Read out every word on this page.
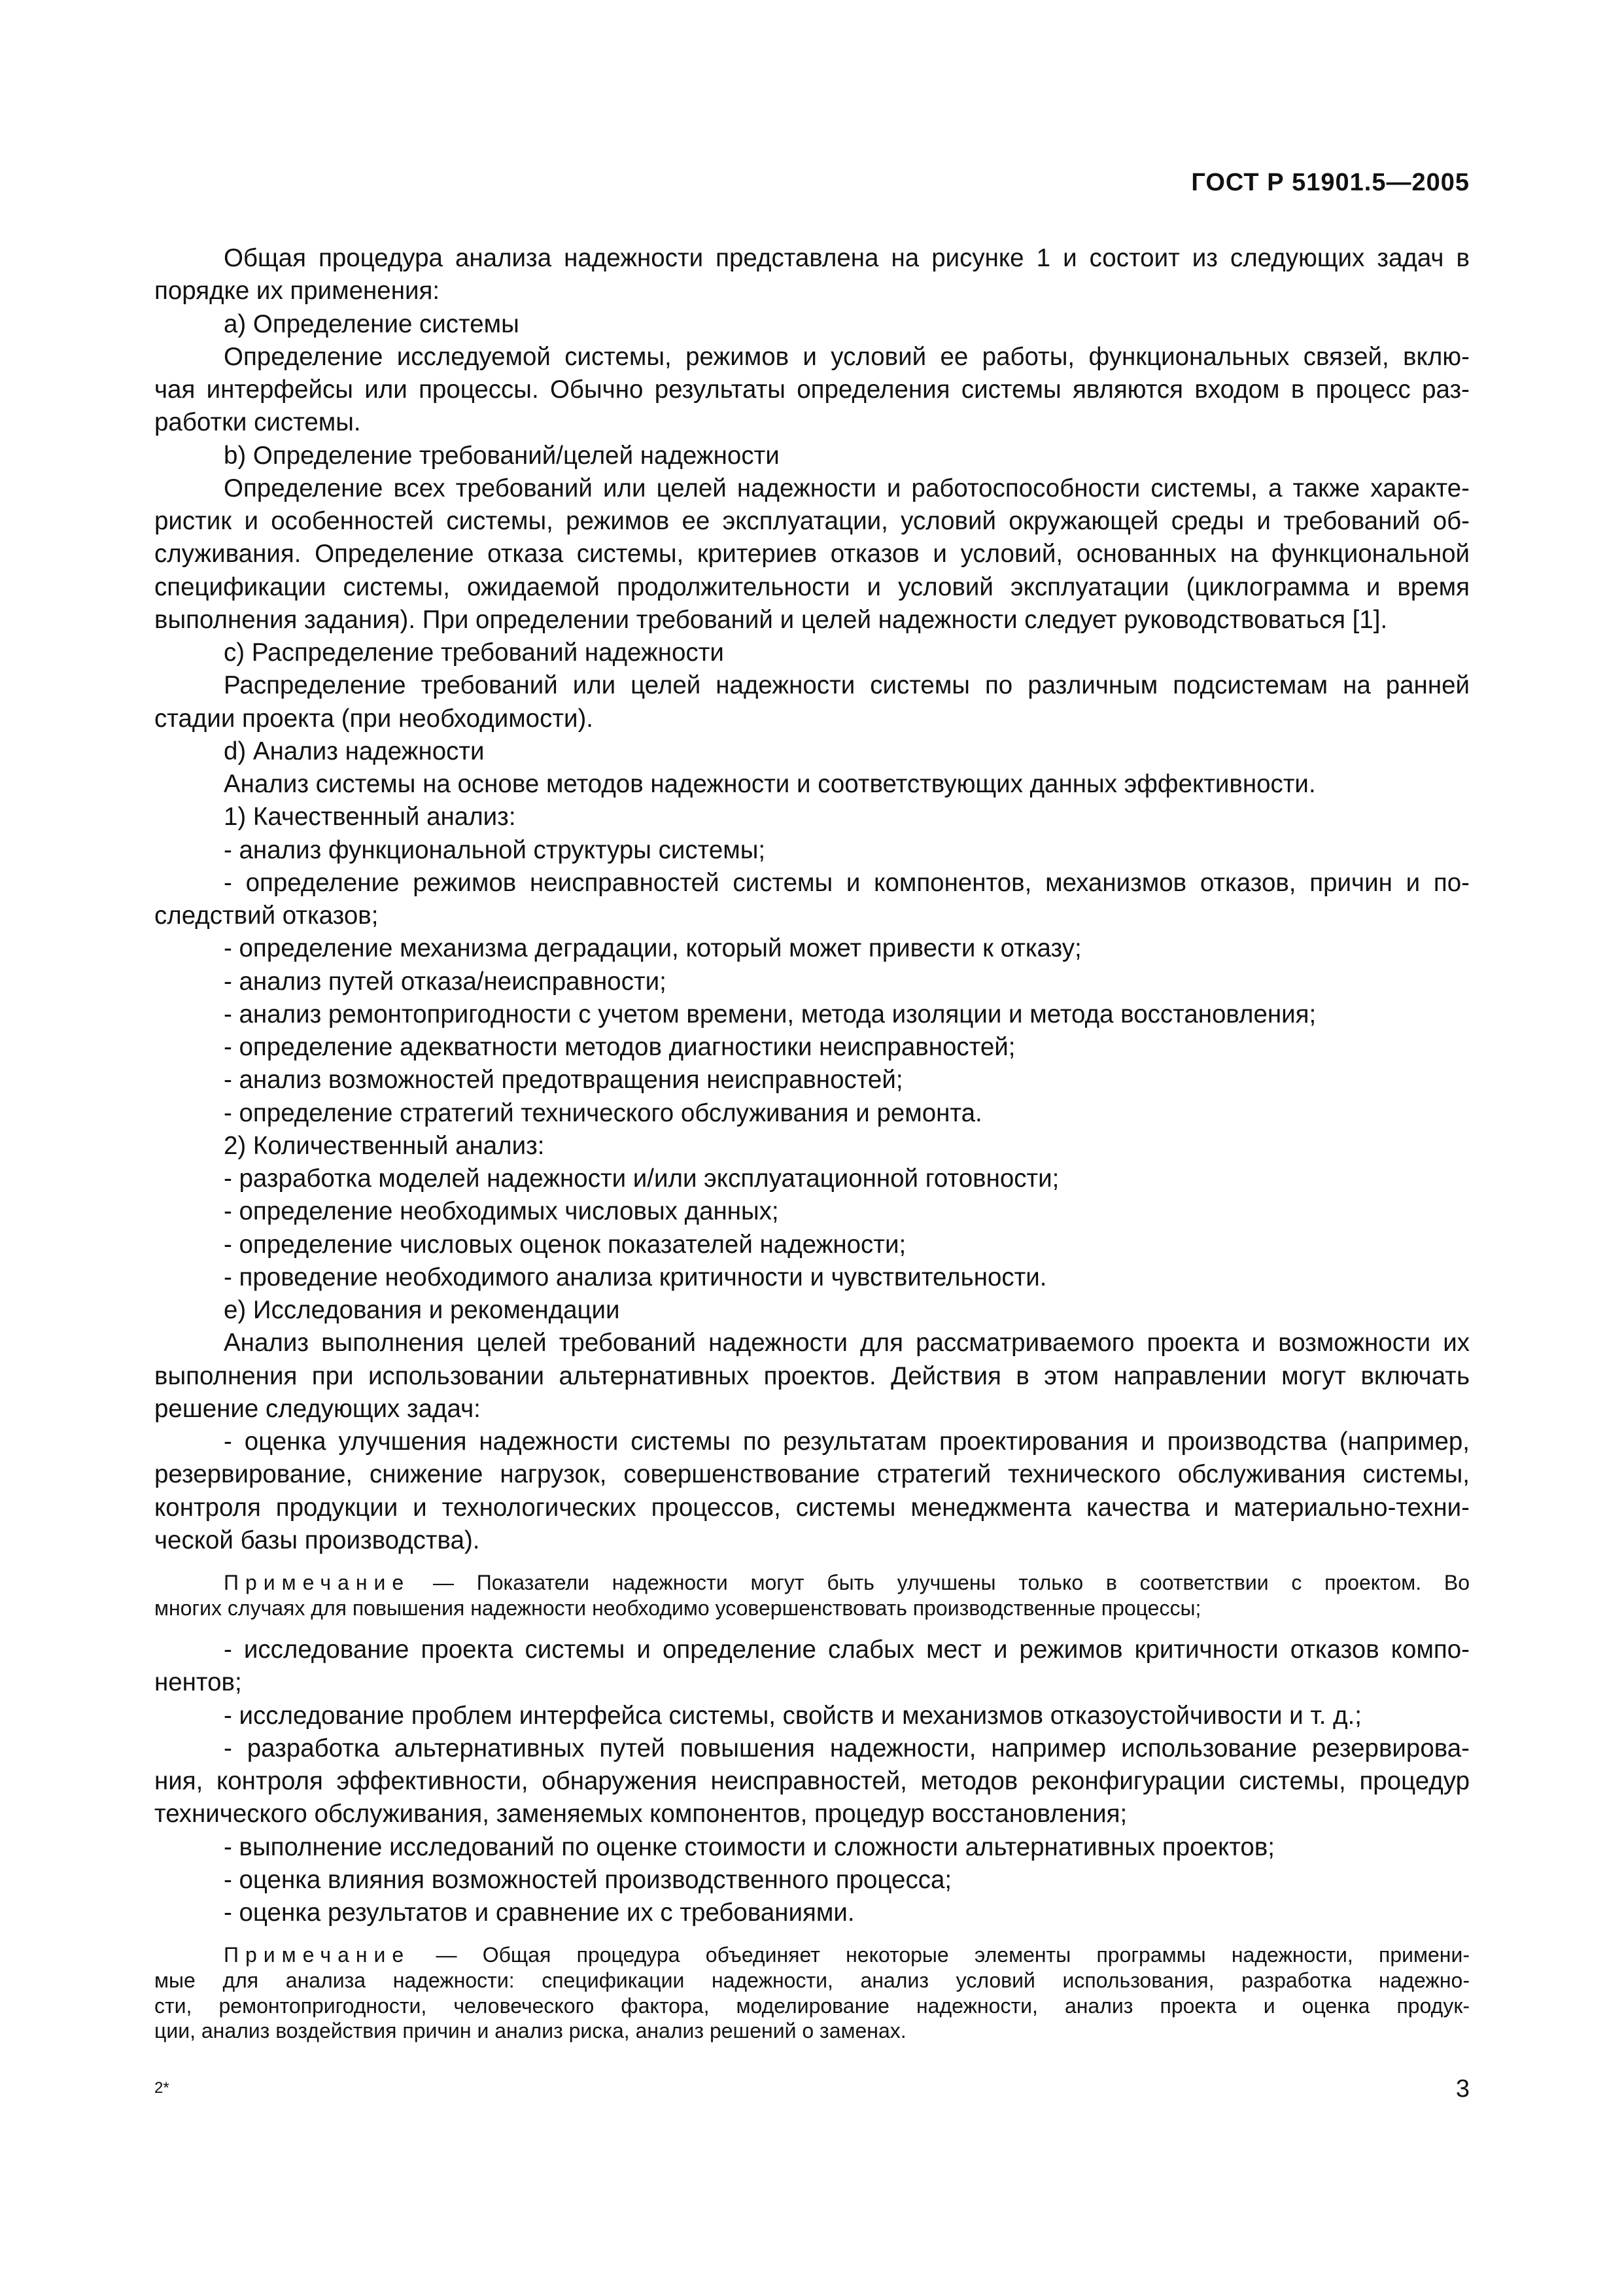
ГОСТ Р 51901.5—2005
Общая процедура анализа надежности представлена на рисунке 1 и состоит из следующих задач в
порядке их применения:
a) Определение системы
Определение исследуемой системы, режимов и условий ее работы, функциональных связей, вклю-
чая интерфейсы или процессы. Обычно результаты определения системы являются входом в процесс раз-
работки системы.
b) Определение требований/целей надежности
Определение всех требований или целей надежности и работоспособности системы, а также характе-
ристик и особенностей системы, режимов ее эксплуатации, условий окружающей среды и требований об-
служивания. Определение отказа системы, критериев отказов и условий, основанных на функциональной
спецификации системы, ожидаемой продолжительности и условий эксплуатации (циклограмма и время
выполнения задания). При определении требований и целей надежности следует руководствоваться [1].
c) Распределение требований надежности
Распределение требований или целей надежности системы по различным подсистемам на ранней
стадии проекта (при необходимости).
d) Анализ надежности
Анализ системы на основе методов надежности и соответствующих данных эффективности.
1) Качественный анализ:
- анализ функциональной структуры системы;
- определение режимов неисправностей системы и компонентов, механизмов отказов, причин и по-
следствий отказов;
- определение механизма деградации, который может привести к отказу;
- анализ путей отказа/неисправности;
- анализ ремонтопригодности с учетом времени, метода изоляции и метода восстановления;
- определение адекватности методов диагностики неисправностей;
- анализ возможностей предотвращения неисправностей;
- определение стратегий технического обслуживания и ремонта.
2) Количественный анализ:
- разработка моделей надежности и/или эксплуатационной готовности;
- определение необходимых числовых данных;
- определение числовых оценок показателей надежности;
- проведение необходимого анализа критичности и чувствительности.
e) Исследования и рекомендации
Анализ выполнения целей требований надежности для рассматриваемого проекта и возможности их
выполнения при использовании альтернативных проектов. Действия в этом направлении могут включать
решение следующих задач:
- оценка улучшения надежности системы по результатам проектирования и производства (например,
резервирование, снижение нагрузок, совершенствование стратегий технического обслуживания системы,
контроля продукции и технологических процессов, системы менеджмента качества и материально-техни-
ческой базы производства).
Примечание — Показатели надежности могут быть улучшены только в соответствии с проектом. Во
многих случаях для повышения надежности необходимо усовершенствовать производственные процессы;
- исследование проекта системы и определение слабых мест и режимов критичности отказов компо-
нентов;
- исследование проблем интерфейса системы, свойств и механизмов отказоустойчивости и т. д.;
- разработка альтернативных путей повышения надежности, например использование резервирова-
ния, контроля эффективности, обнаружения неисправностей, методов реконфигурации системы, процедур
технического обслуживания, заменяемых компонентов, процедур восстановления;
- выполнение исследований по оценке стоимости и сложности альтернативных проектов;
- оценка влияния возможностей производственного процесса;
- оценка результатов и сравнение их с требованиями.
Примечание — Общая процедура объединяет некоторые элементы программы надежности, примени-
мые для анализа надежности: спецификации надежности, анализ условий использования, разработка надежно-
сти, ремонтопригодности, человеческого фактора, моделирование надежности, анализ проекта и оценка продук-
ции, анализ воздействия причин и анализ риска, анализ решений о заменах.
2*	3
